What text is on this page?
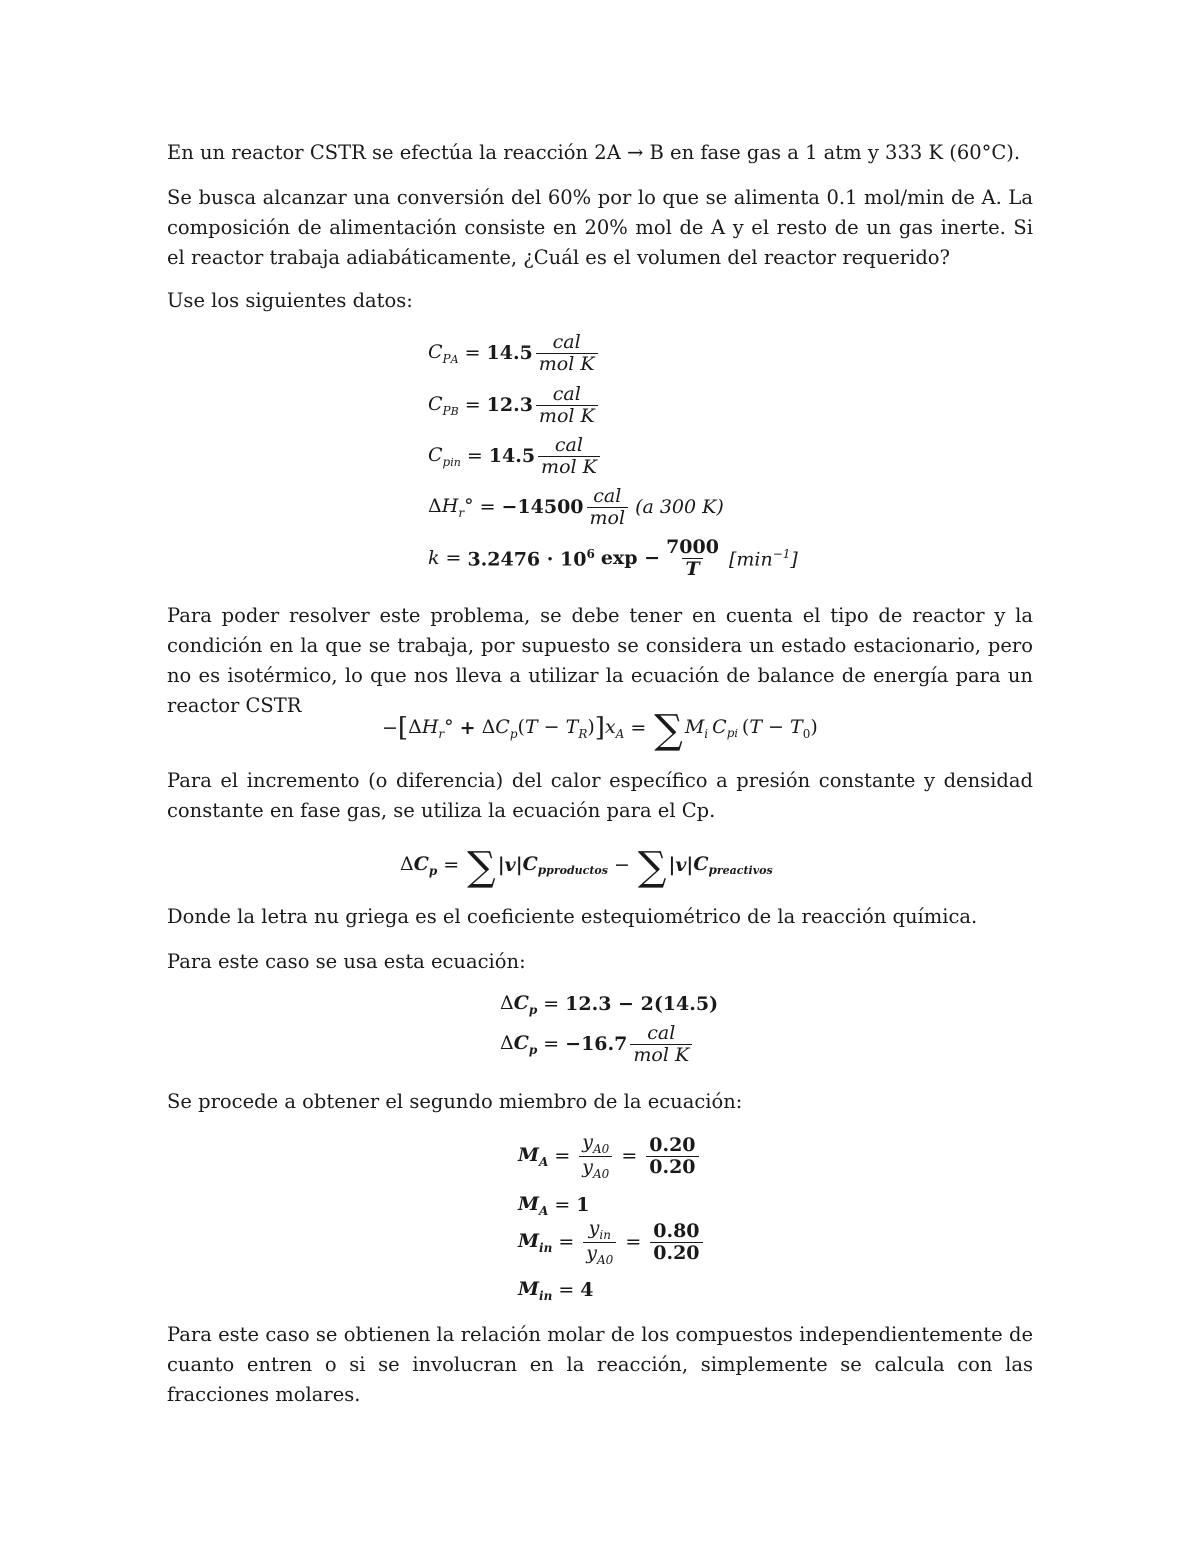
En un reactor CSTR se efectúa la reacción 2A → B en fase gas a 1 atm y 333 K (60°C).
Se busca alcanzar una conversión del 60% por lo que se alimenta 0.1 mol/min de A. La composición de alimentación consiste en 20% mol de A y el resto de un gas inerte. Si el reactor trabaja adiabáticamente, ¿Cuál es el volumen del reactor requerido?
Use los siguientes datos:
$C_{PA} = 14.5 \frac{\text{cal}}{\text{mol K}}$
$C_{PB} = 12.3 \frac{\text{cal}}{\text{mol K}}$
$C_{pin} = 14.5 \frac{\text{cal}}{\text{mol K}}$
$\Delta H_r^\circ = -14500 \frac{\text{cal}}{\text{mol}} (a$ 300 K)
$k = 3.2476 \cdot 10^6$ $\exp - \frac{7000}{T} [\min^{-1}]$
Para poder resolver este problema, se debe tener en cuenta el tipo de reactor y la condición en la que se trabaja, por supuesto se considera un estado estacionario, pero no es isotérmico, lo que nos lleva a utilizar la ecuación de balance de energía para un reactor CSTR
− [ $\Delta H_r^\circ + \Delta C_p$ $(T - T_R)$ ] $x_A$ = ∑ $M_i$ $C_{pi}$ $(T - T_0)$
Para el incremento (o diferencia) del calor específico a presión constante y densidad constante en fase gas, se utiliza la ecuación para el Cp.
$\Delta C_p$ = ∑ |v| $C_{pproductos}$ − ∑ |v| $C_{preactivos}$
Donde la letra nu griega es el coeficiente estequiométrico de la reacción química.
Para este caso se usa esta ecuación:
$\Delta C_p = 12.3 - 2(14.5)$
$\Delta C_p = -16.7 \frac{\text{cal}}{\text{mol K}}$
Se procede a obtener el segundo miembro de la ecuación:
$M_A = \frac{y_{A0}}{y_{A0}} = \frac{0.20}{0.20}$
$M_A = 1$
$M_{in} = \frac{y_{in}}{y_{A0}} = \frac{0.80}{0.20}$
$M_{in} = 4$
Para este caso se obtienen la relación molar de los compuestos independientemente de cuanto entren o si se involucran en la reacción, simplemente se calcula con las fracciones molares.
